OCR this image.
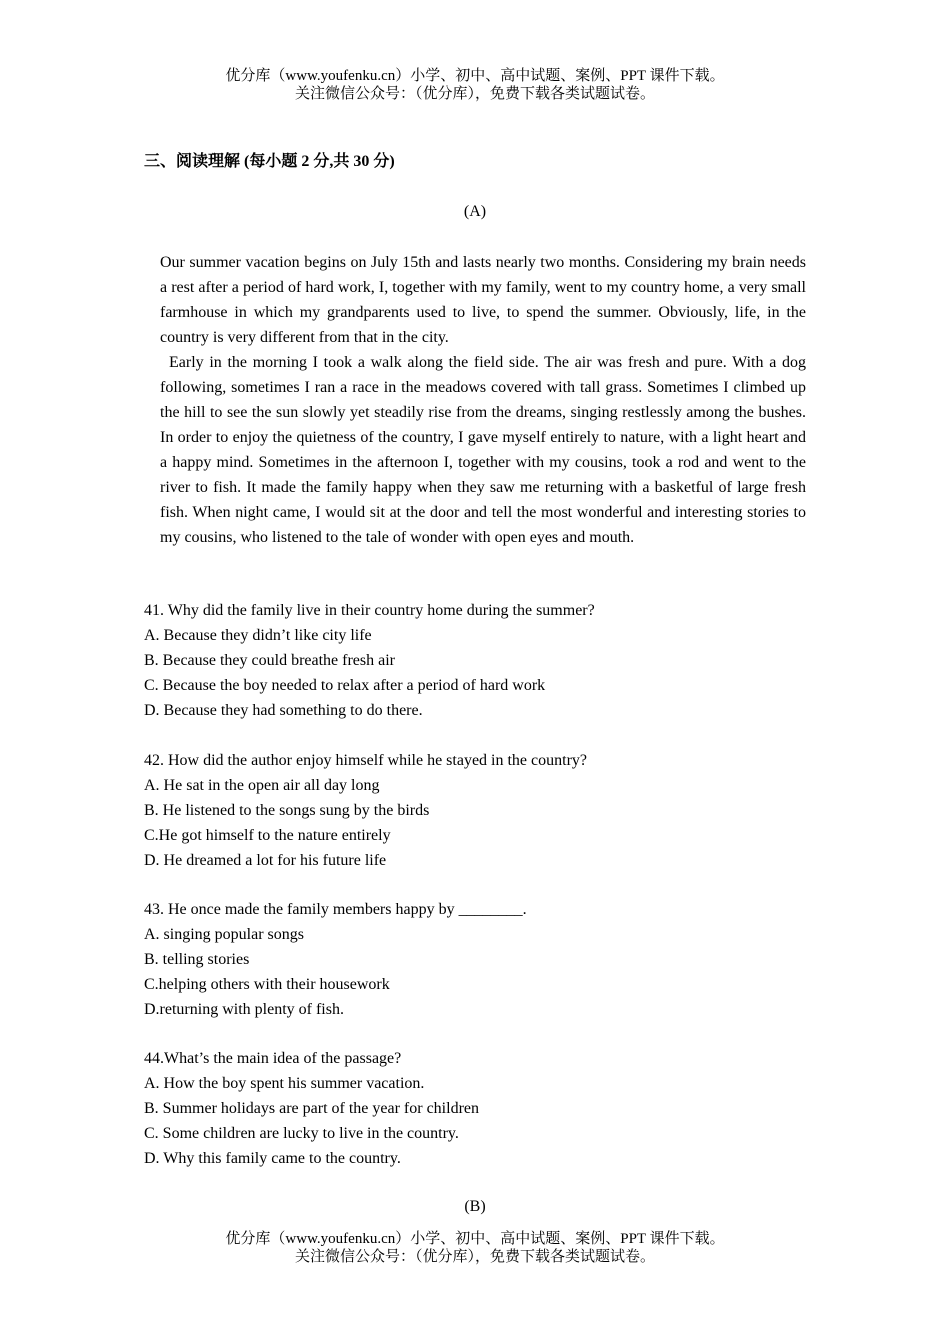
优分库（www.youfenku.cn）小学、初中、高中试题、案例、PPT 课件下载。
关注微信公众号：（优分库），免费下载各类试题试卷。
三、阅读理解 (每小题 2 分,共 30 分)
(A)

Our summer vacation begins on July 15th and lasts nearly two months. Considering my brain needs a rest after a period of hard work, I, together with my family, went to my country home, a very small farmhouse in which my grandparents used to live, to spend the summer. Obviously, life, in the country is very different from that in the city.

Early in the morning I took a walk along the field side. The air was fresh and pure. With a dog following, sometimes I ran a race in the meadows covered with tall grass. Sometimes I climbed up the hill to see the sun slowly yet steadily rise from the dreams, singing restlessly among the bushes. In order to enjoy the quietness of the country, I gave myself entirely to nature, with a light heart and a happy mind. Sometimes in the afternoon I, together with my cousins, took a rod and went to the river to fish. It made the family happy when they saw me returning with a basketful of large fresh fish. When night came, I would sit at the door and tell the most wonderful and interesting stories to my cousins, who listened to the tale of wonder with open eyes and mouth.

41. Why did the family live in their country home during the summer?
A. Because they didn’t like city life
B. Because they could breathe fresh air
C. Because the boy needed to relax after a period of hard work
D. Because they had something to do there.
42. How did the author enjoy himself while he stayed in the country?
A. He sat in the open air all day long
B. He listened to the songs sung by the birds
C.He got himself to the nature entirely
D. He dreamed a lot for his future life
43. He once made the family members happy by ________.
A. singing popular songs
B. telling stories
C.helping others with their housework
D.returning with plenty of fish.
44.What’s the main idea of the passage?
A. How the boy spent his summer vacation.
B. Summer holidays are part of the year for children
C. Some children are lucky to live in the country.
D. Why this family came to the country.
(B)
优分库（www.youfenku.cn）小学、初中、高中试题、案例、PPT 课件下载。
关注微信公众号：（优分库），免费下载各类试题试卷。
